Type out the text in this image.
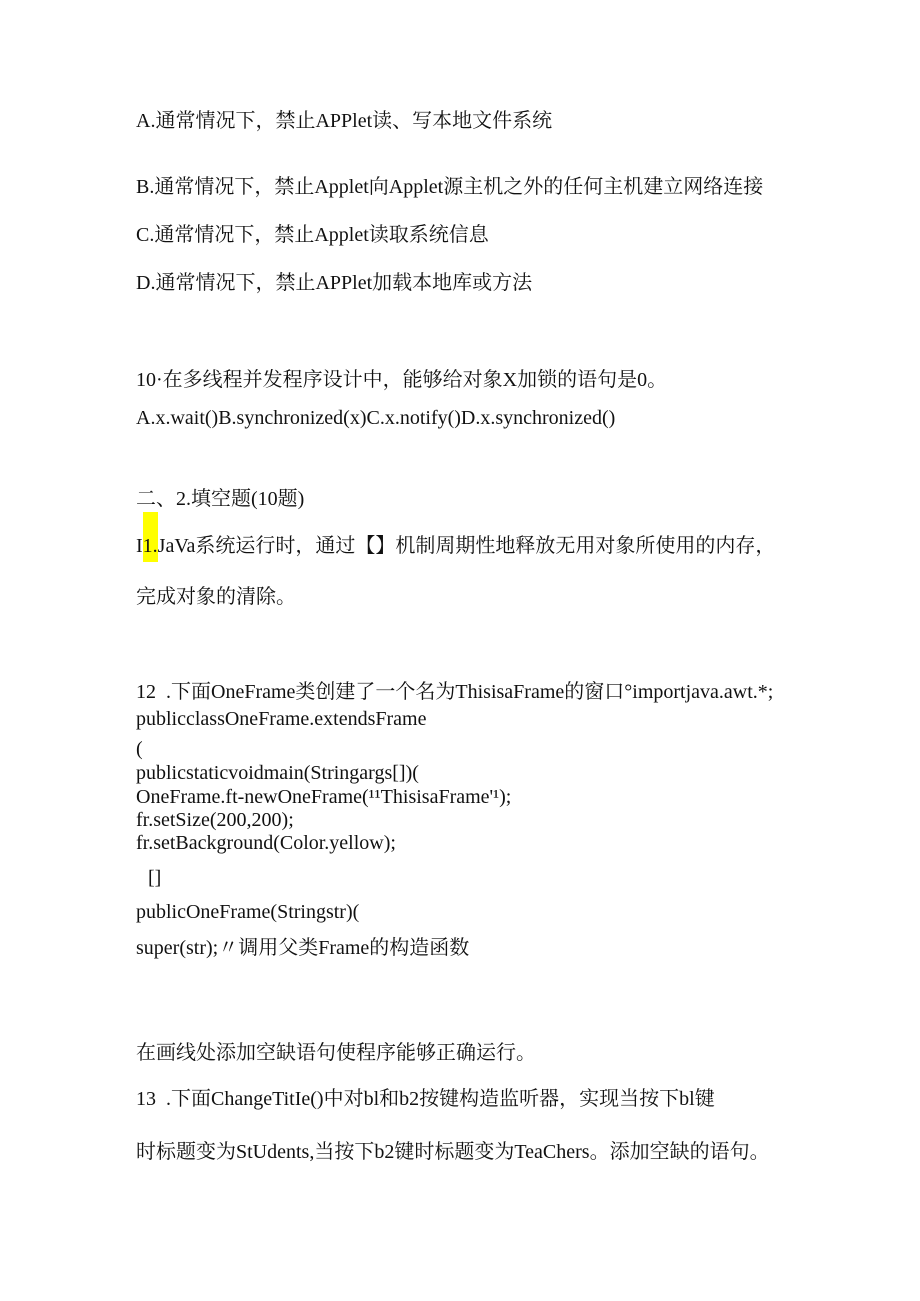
A.通常情况下，禁止APPlet读、写本地文件系统
B.通常情况下，禁止Applet向Applet源主机之外的任何主机建立网络连接
C.通常情况下，禁止Applet读取系统信息
D.通常情况下，禁止APPlet加载本地库或方法
10·在多线程并发程序设计中，能够给对象X加锁的语句是0。
A.x.wait()B.synchronized(x)C.x.notify()D.x.synchronized()
二、2.填空题(10题)
I1.JaVa系统运行时，通过【】机制周期性地释放无用对象所使用的内存，
完成对象的清除。
12  .下面OneFrame类创建了一个名为ThisisaFrame的窗口°importjava.awt.*;
publicclassOneFrame.extendsFrame
(
publicstaticvoidmain(Stringargs[])(
OneFrame.ft-newOneFrame(¹¹ThisisaFrame'¹);
fr.setSize(200,200);
fr.setBackground(Color.yellow);
[]
publicOneFrame(Stringstr)(
super(str);〃调用父类Frame的构造函数
在画线处添加空缺语句使程序能够正确运行。
13  .下面ChangeTitIe()中对bl和b2按键构造监听器，实现当按下bl键
时标题变为StUdents,当按下b2键时标题变为TeaChers。添加空缺的语句。
